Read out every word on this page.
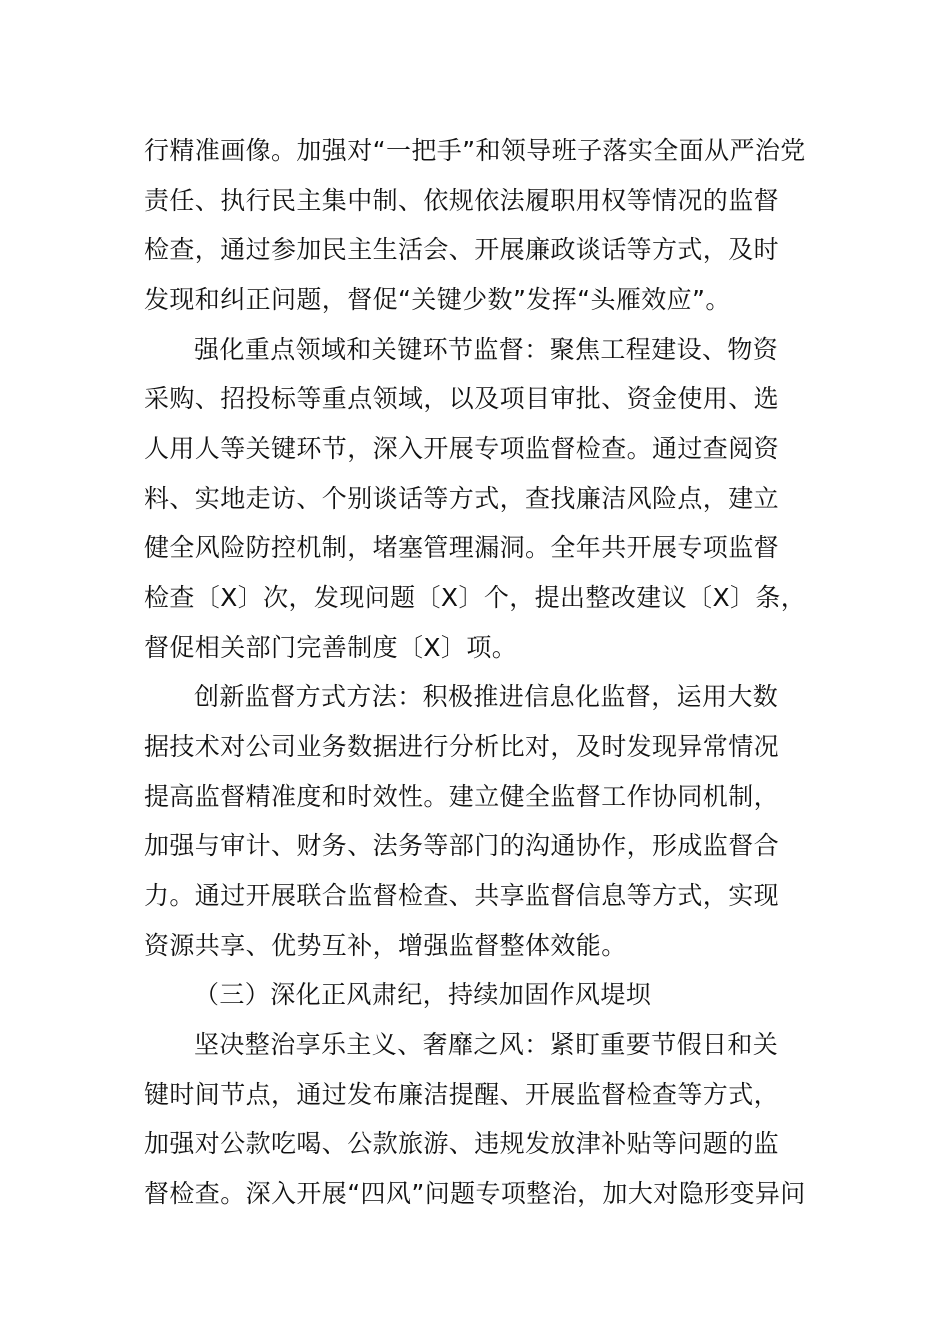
行精准画像。加强对“一把手”和领导班子落实全面从严治党

责任、执行民主集中制、依规依法履职用权等情况的监督

检查，通过参加民主生活会、开展廉政谈话等方式，及时

发现和纠正问题，督促“关键少数”发挥“头雁效应”。

强化重点领域和关键环节监督：聚焦工程建设、物资

采购、招投标等重点领域，以及项目审批、资金使用、选

人用人等关键环节，深入开展专项监督检查。通过查阅资

料、实地走访、个别谈话等方式，查找廉洁风险点，建立

健全风险防控机制，堵塞管理漏洞。全年共开展专项监督

检查〔X〕次，发现问题〔X〕个，提出整改建议〔X〕条，

督促相关部门完善制度〔X〕项。

创新监督方式方法：积极推进信息化监督，运用大数

据技术对公司业务数据进行分析比对，及时发现异常情况

提高监督精准度和时效性。建立健全监督工作协同机制，

加强与审计、财务、法务等部门的沟通协作，形成监督合

力。通过开展联合监督检查、共享监督信息等方式，实现

资源共享、优势互补，增强监督整体效能。

（三）深化正风肃纪，持续加固作风堤坝

坚决整治享乐主义、奢靡之风：紧盯重要节假日和关

键时间节点，通过发布廉洁提醒、开展监督检查等方式，

加强对公款吃喝、公款旅游、违规发放津补贴等问题的监

督检查。深入开展“四风”问题专项整治，加大对隐形变异问
